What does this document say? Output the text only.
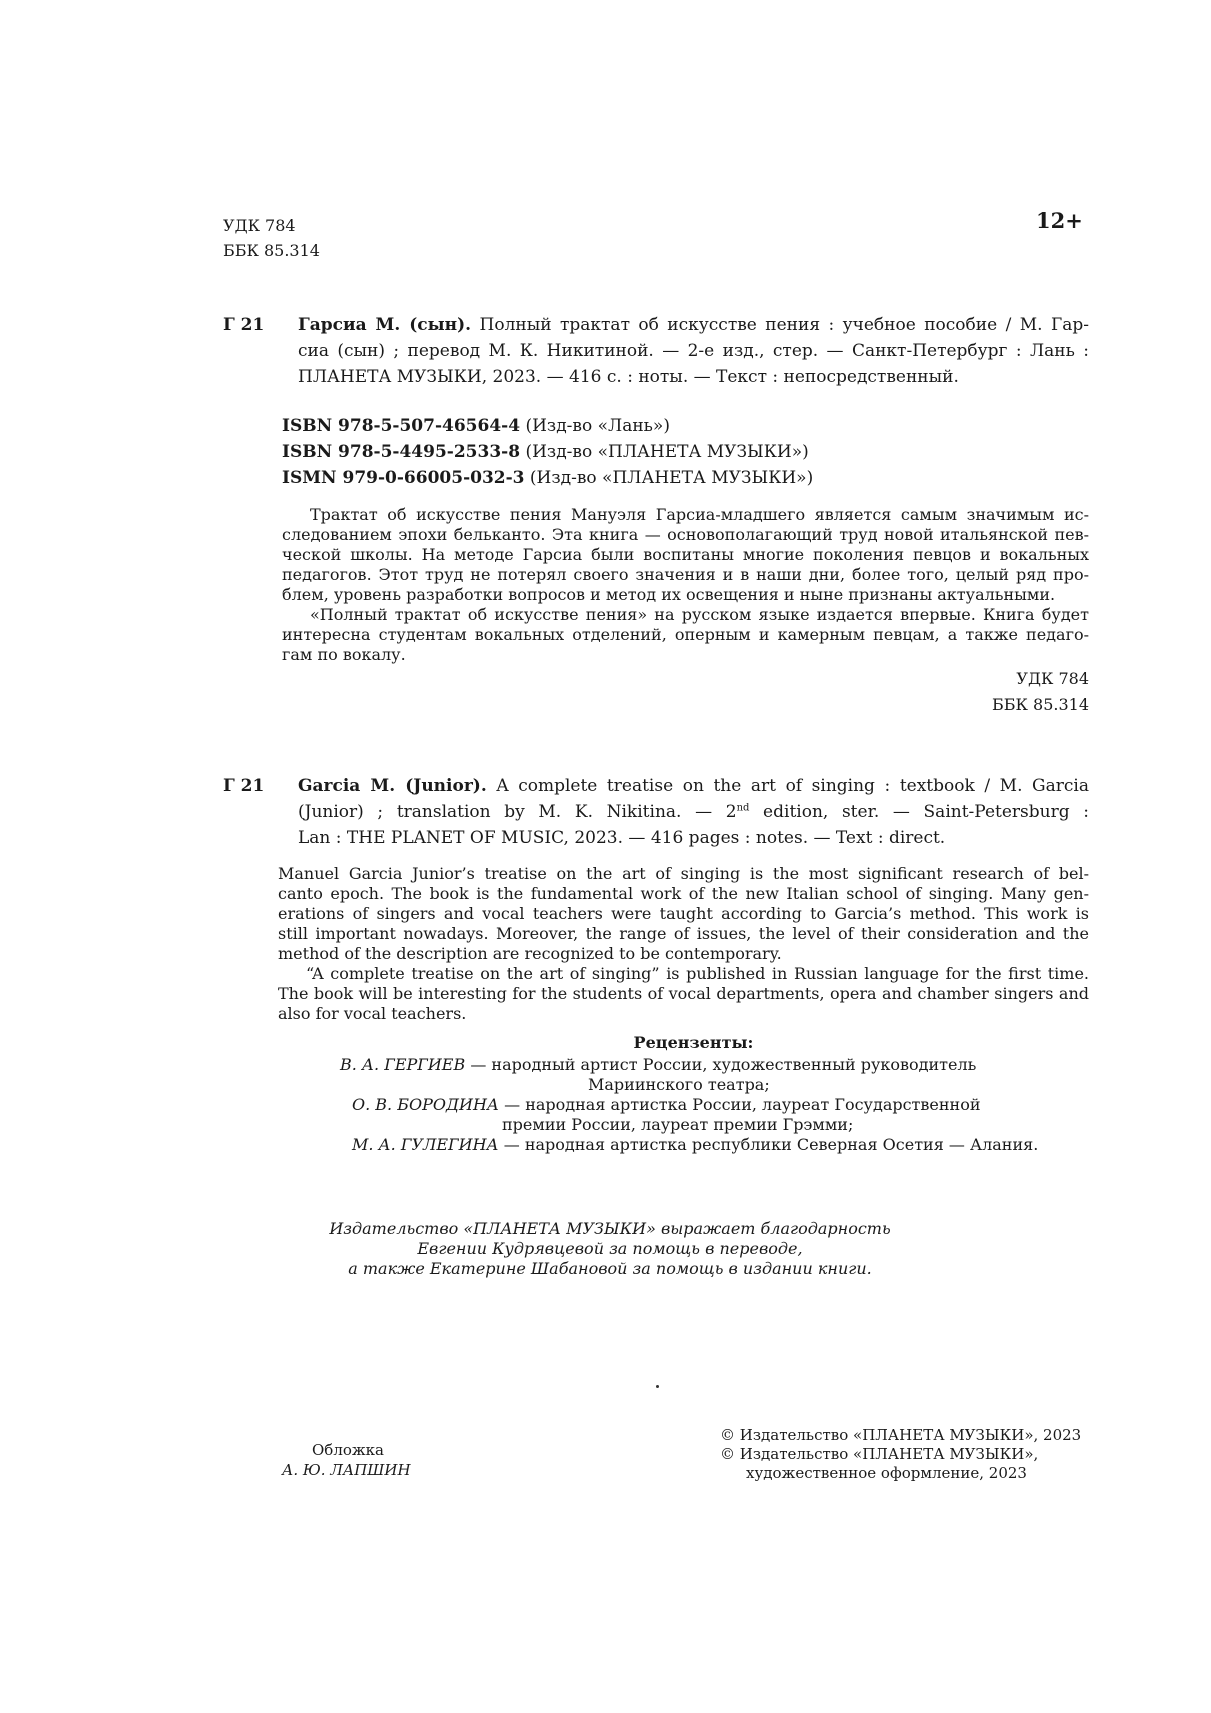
УДК 784
ББК 85.314
12+
Г 21 Гарсиа М. (сын). Полный трактат об искусстве пения : учебное пособие / М. Гар-
сиа (сын) ; перевод М. К. Никитиной. — 2-е изд., стер. — Санкт-Петербург : Лань :
ПЛАНЕТА МУЗЫКИ, 2023. — 416 с. : ноты. — Текст : непосредственный.
ISBN 978-5-507-46564-4 (Изд-во «Лань»)
ISBN 978-5-4495-2533-8 (Изд-во «ПЛАНЕТА МУЗЫКИ»)
ISMN 979-0-66005-032-3 (Изд-во «ПЛАНЕТА МУЗЫКИ»)
Трактат об искусстве пения Мануэля Гарсиа-младшего является самым значимым ис-
следованием эпохи бельканто. Эта книга — основополагающий труд новой итальянской пев-
ческой школы. На методе Гарсиа были воспитаны многие поколения певцов и вокальных
педагогов. Этот труд не потерял своего значения и в наши дни, более того, целый ряд про-
блем, уровень разработки вопросов и метод их освещения и ныне признаны актуальными.
«Полный трактат об искусстве пения» на русском языке издается впервые. Книга будет
интересна студентам вокальных отделений, оперным и камерным певцам, а также педаго-
гам по вокалу.
УДК 784
ББК 85.314
Г 21 Garcia M. (Junior). A complete treatise on the art of singing : textbook / M. Garcia
(Junior) ; translation by M. K. Nikitina. — 2nd edition, ster. — Saint-Petersburg :
Lan : THE PLANET OF MUSIC, 2023. — 416 pages : notes. — Text : direct.
Manuel Garcia Junior’s treatise on the art of singing is the most significant research of bel-
canto epoch. The book is the fundamental work of the new Italian school of singing. Many gen-
erations of singers and vocal teachers were taught according to Garcia’s method. This work is
still important nowadays. Moreover, the range of issues, the level of their consideration and the
method of the description are recognized to be contemporary.
“A complete treatise on the art of singing” is published in Russian language for the first time.
The book will be interesting for the students of vocal departments, opera and chamber singers and
also for vocal teachers.
Рецензенты:
В. А. ГЕРГИЕВ — народный артист России, художественный руководитель
Мариинского театра;
О. В. БОРОДИНА — народная артистка России, лауреат Государственной
премии России, лауреат премии Грэмми;
М. А. ГУЛЕГИНА — народная артистка республики Северная Осетия — Алания.
Издательство «ПЛАНЕТА МУЗЫКИ» выражает благодарность
Евгении Кудрявцевой за помощь в переводе,
а также Екатерине Шабановой за помощь в издании книги.
Обложка
А. Ю. ЛАПШИН
© Издательство «ПЛАНЕТА МУЗЫКИ», 2023
© Издательство «ПЛАНЕТА МУЗЫКИ»,
художественное оформление, 2023
